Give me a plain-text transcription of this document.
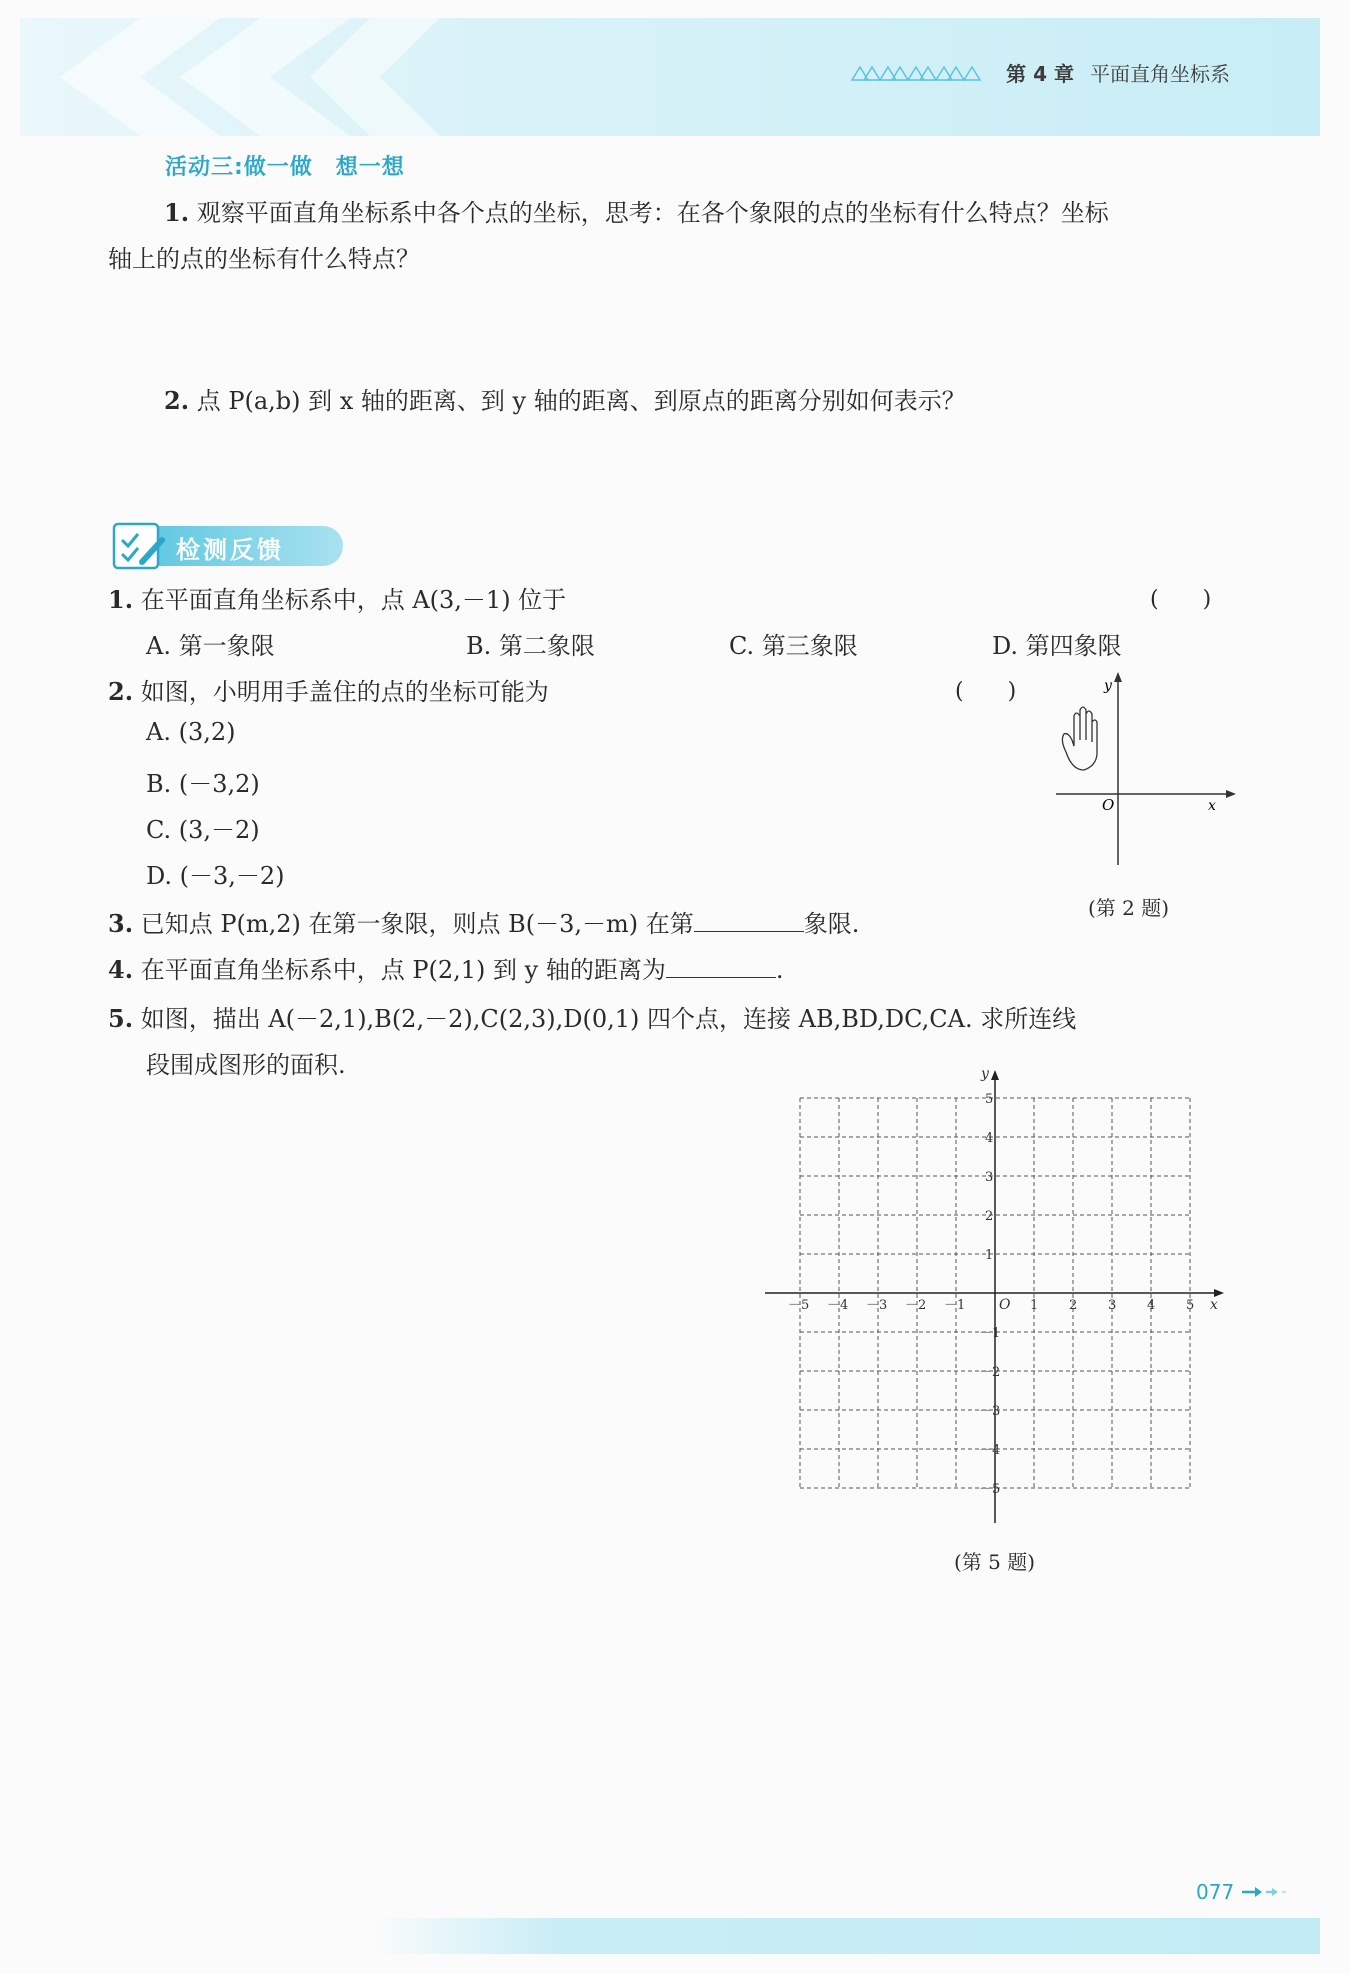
第 4 章 平面直角坐标系
活动三:做一做　想一想
1. 观察平面直角坐标系中各个点的坐标，思考：在各个象限的点的坐标有什么特点？坐标
轴上的点的坐标有什么特点？
2. 点 P(a,b) 到 x 轴的距离、到 y 轴的距离、到原点的距离分别如何表示？
检测反馈
1. 在平面直角坐标系中，点 A(3,－1) 位于	(　　)
A. 第一象限	B. 第二象限	C. 第三象限	D. 第四象限
2. 如图，小明用手盖住的点的坐标可能为	(　　)
A. (3,2)
B. (－3,2)
C. (3,－2)
D. (－3,－2)
y
x
O
(第 2 题)
3. 已知点 P(m,2) 在第一象限，则点 B(－3,－m) 在第	象限.
4. 在平面直角坐标系中，点 P(2,1) 到 y 轴的距离为	.
5. 如图，描出 A(－2,1),B(2,－2),C(2,3),D(0,1) 四个点，连接 AB,BD,DC,CA. 求所连线
段围成图形的面积.
－5 －4 －3 －2 －1	1 2 3 4 5
5
4
3
2
1
－1
－2
－3
－4
－5
O	x
y
(第 5 题)
077
